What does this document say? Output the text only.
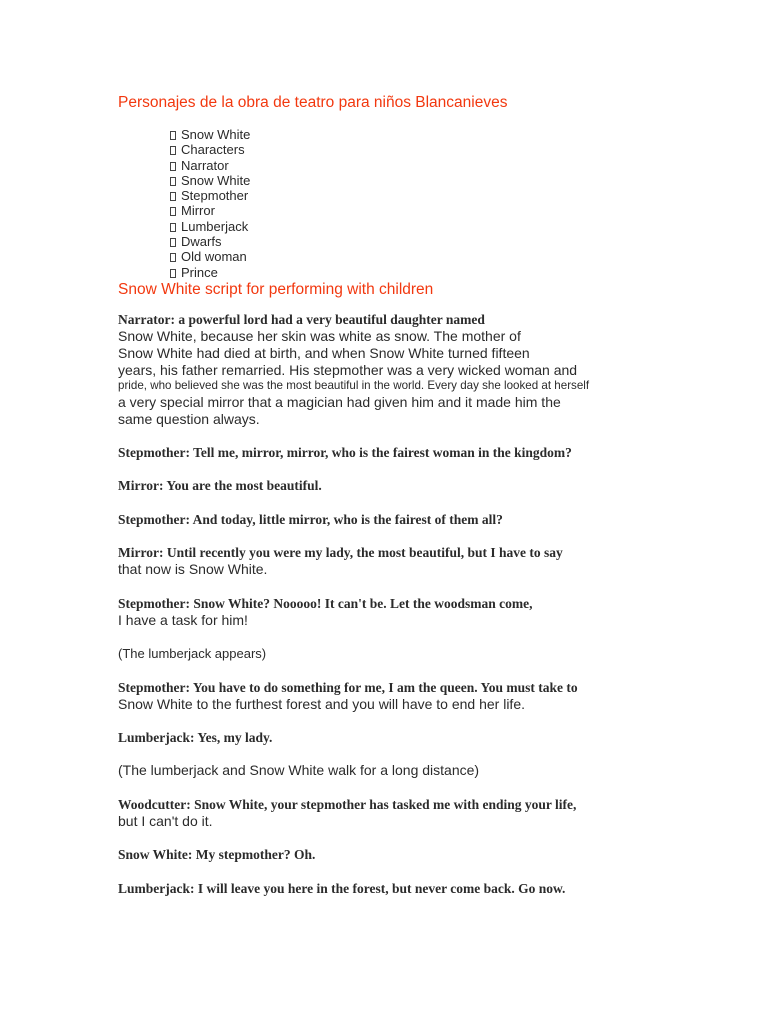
Personajes de la obra de teatro para niños Blancanieves
Snow White
Characters
Narrator
Snow White
Stepmother
Mirror
Lumberjack
Dwarfs
Old woman
Prince
Snow White script for performing with children

Narrator: a powerful lord had a very beautiful daughter named

Snow White, because her skin was white as snow. The mother of

Snow White had died at birth, and when Snow White turned fifteen

years, his father remarried. His stepmother was a very wicked woman and

pride, who believed she was the most beautiful in the world. Every day she looked at herself

a very special mirror that a magician had given him and it made him the

same question always.

Stepmother: Tell me, mirror, mirror, who is the fairest woman in the kingdom?

Mirror: You are the most beautiful.

Stepmother: And today, little mirror, who is the fairest of them all?

Mirror: Until recently you were my lady, the most beautiful, but I have to say

that now is Snow White.

Stepmother: Snow White? Nooooo! It can't be. Let the woodsman come,

I have a task for him!

(The lumberjack appears)

Stepmother: You have to do something for me, I am the queen. You must take to

Snow White to the furthest forest and you will have to end her life.

Lumberjack: Yes, my lady.

(The lumberjack and Snow White walk for a long distance)

Woodcutter: Snow White, your stepmother has tasked me with ending your life,

but I can't do it.

Snow White: My stepmother? Oh.

Lumberjack: I will leave you here in the forest, but never come back. Go now.
